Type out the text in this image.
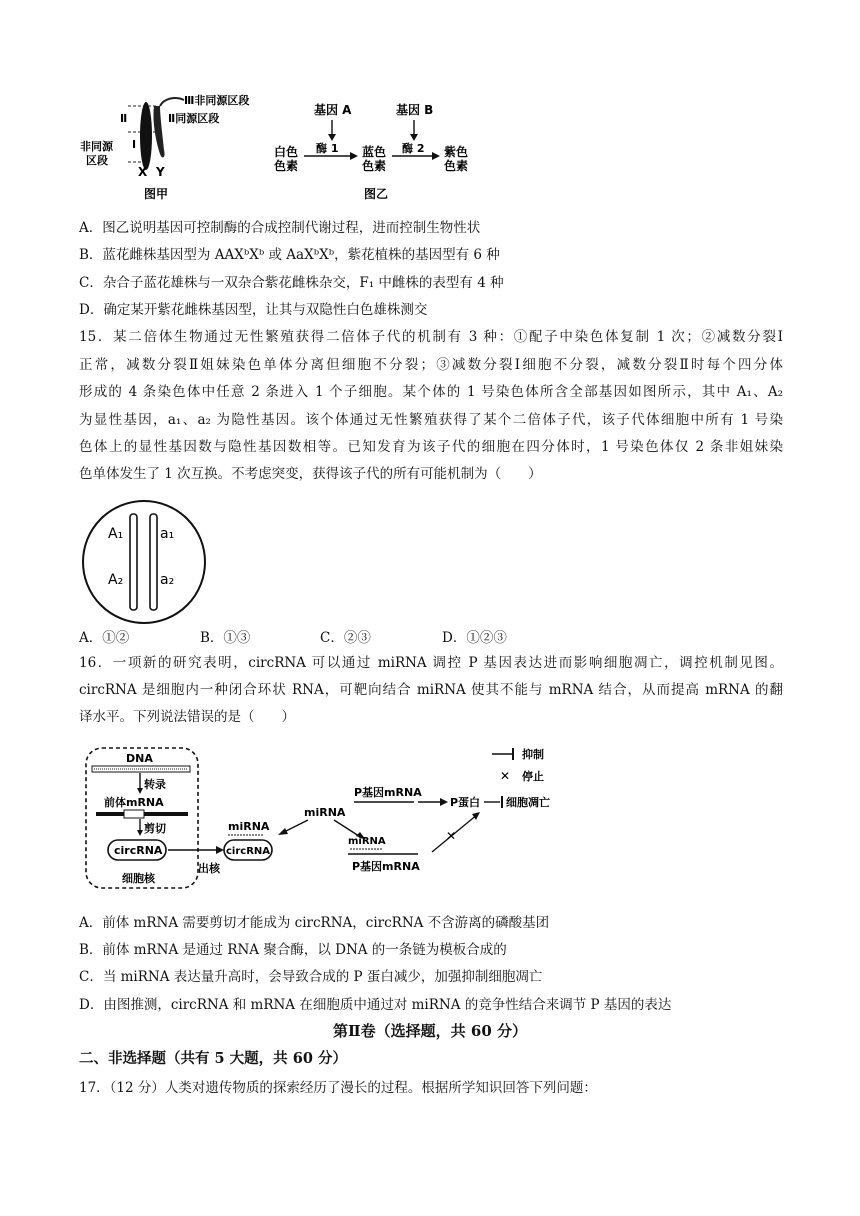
Ⅲ非同源区段
Ⅱ同源区段
Ⅱ
Ⅰ
非同源
区段
X Y
图甲
基因 A	基因 B
白色
色素
酶 1 蓝色
色素
酶 2 紫色
色素
图乙
A．图乙说明基因可控制酶的合成控制代谢过程，进而控制生物性状
B．蓝花雌株基因型为 AAXᵇXᵇ 或 AaXᵇXᵇ，紫花植株的基因型有 6 种
C．杂合子蓝花雄株与一双杂合紫花雌株杂交，F₁ 中雌株的表型有 4 种
D．确定某开紫花雌株基因型，让其与双隐性白色雄株测交
15．某二倍体生物通过无性繁殖获得二倍体子代的机制有 3 种：①配子中染色体复制 1 次；②减数分裂Ⅰ
正常，减数分裂Ⅱ姐妹染色单体分离但细胞不分裂；③减数分裂Ⅰ细胞不分裂，减数分裂Ⅱ时每个四分体
形成的 4 条染色体中任意 2 条进入 1 个子细胞。某个体的 1 号染色体所含全部基因如图所示，其中 A₁、A₂
为显性基因，a₁、a₂ 为隐性基因。该个体通过无性繁殖获得了某个二倍体子代，该子代体细胞中所有 1 号染
色体上的显性基因数与隐性基因数相等。已知发育为该子代的细胞在四分体时，1 号染色体仅 2 条非姐妹染
色单体发生了 1 次互换。不考虑突变，获得该子代的所有可能机制为（　　）
A₁
A₂
a₁
a₂
A．①②	B．①③	C．②③	D．①②③
16．一项新的研究表明，circRNA 可以通过 miRNA 调控 P 基因表达进而影响细胞凋亡，调控机制见图。
circRNA 是细胞内一种闭合环状 RNA，可靶向结合 miRNA 使其不能与 mRNA 结合，从而提高 mRNA 的翻
译水平。下列说法错误的是（　　）
DNA
转录
前体mRNA
剪切
circRNA
细胞核
出核
miRNA
circRNA
miRNA
P基因mRNA
P蛋白 细胞凋亡
miRNA
P基因mRNA
✕
抑制
✕ 停止
A．前体 mRNA 需要剪切才能成为 circRNA，circRNA 不含游离的磷酸基团
B．前体 mRNA 是通过 RNA 聚合酶，以 DNA 的一条链为模板合成的
C．当 miRNA 表达量升高时，会导致合成的 P 蛋白减少，加强抑制细胞凋亡
D．由图推测，circRNA 和 mRNA 在细胞质中通过对 miRNA 的竞争性结合来调节 P 基因的表达
第Ⅱ卷（选择题，共 60 分）
二、非选择题（共有 5 大题，共 60 分）
17．（12 分）人类对遗传物质的探索经历了漫长的过程。根据所学知识回答下列问题：
